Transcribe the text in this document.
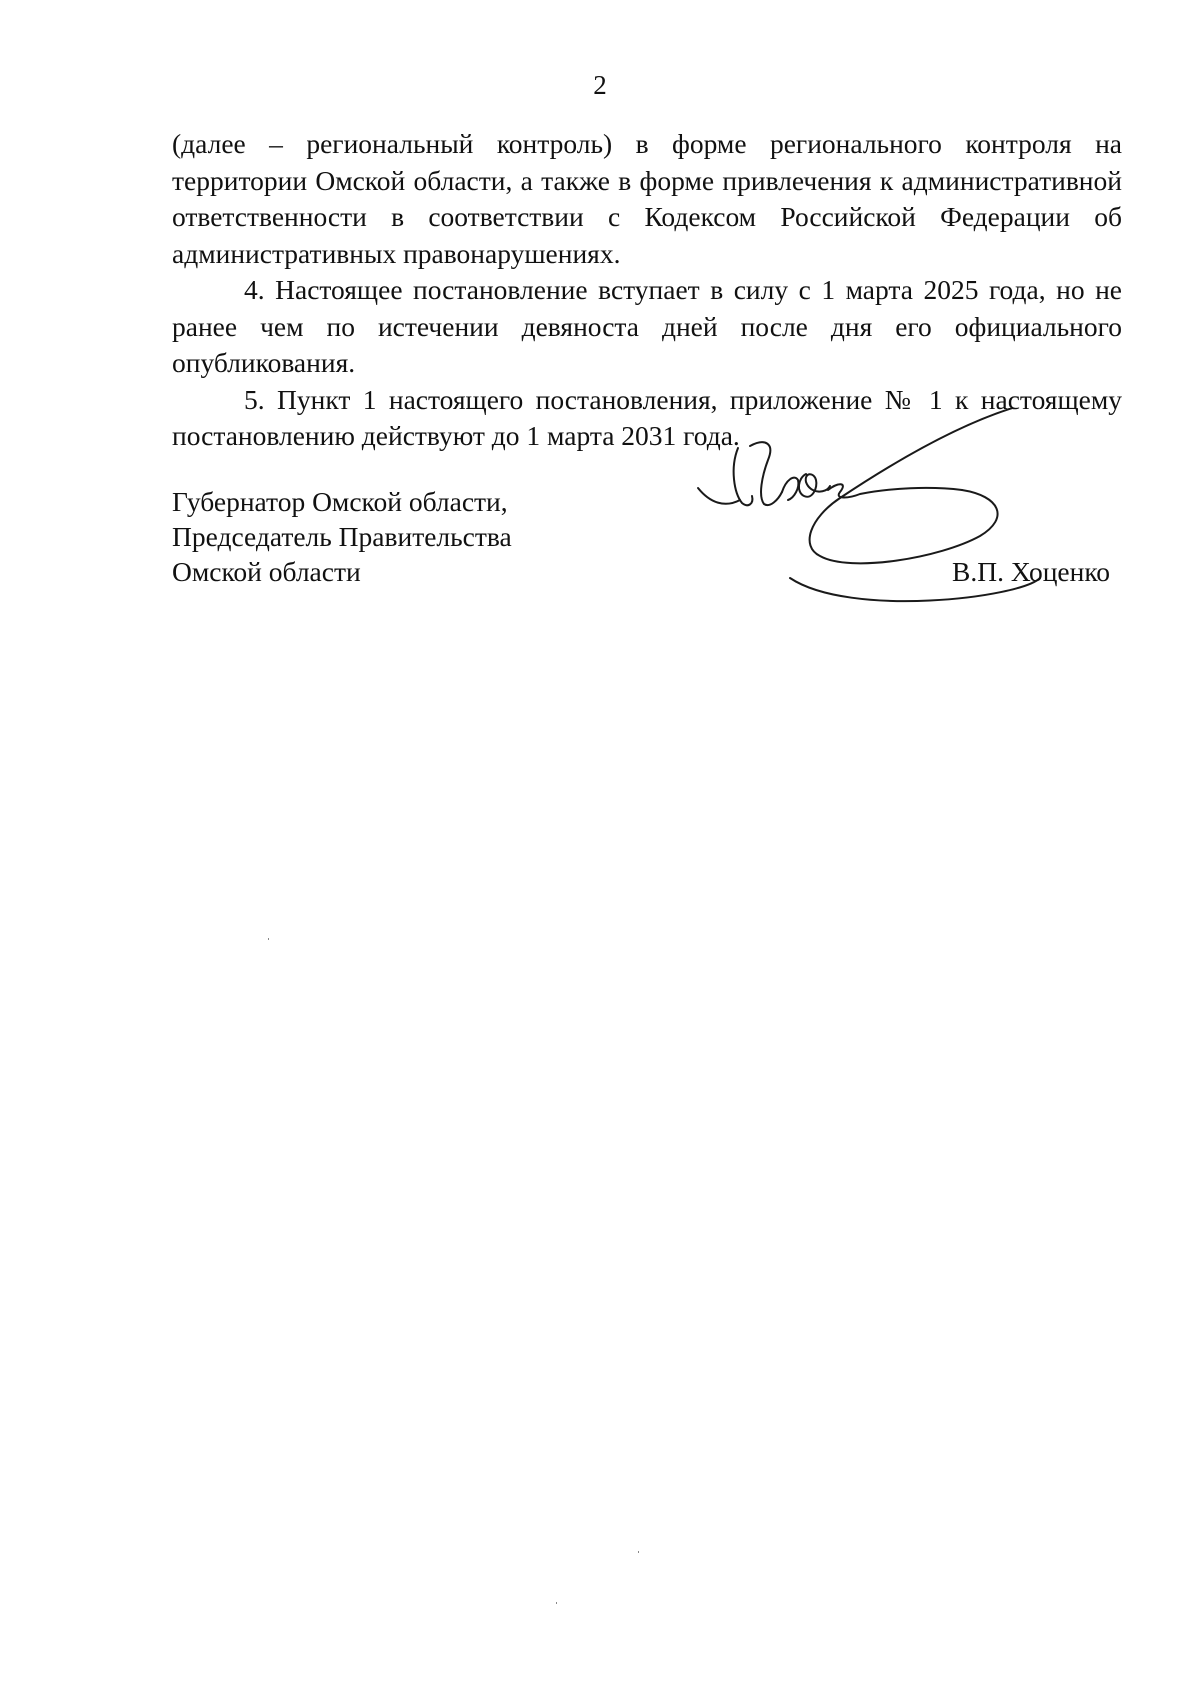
2

(далее – региональный контроль) в форме регионального контроля на территории Омской области, а также в форме привлечения к административной ответственности в соответствии с Кодексом Российской Федерации об административных правонарушениях.

4. Настоящее постановление вступает в силу с 1 марта 2025 года, но не ранее чем по истечении девяноста дней после дня его официального опубликования.

5. Пункт 1 настоящего постановления, приложение № 1 к настоящему постановлению действуют до 1 марта 2031 года.

Губернатор Омской области,
Председатель Правительства
Омской области	В.П. Хоценко
